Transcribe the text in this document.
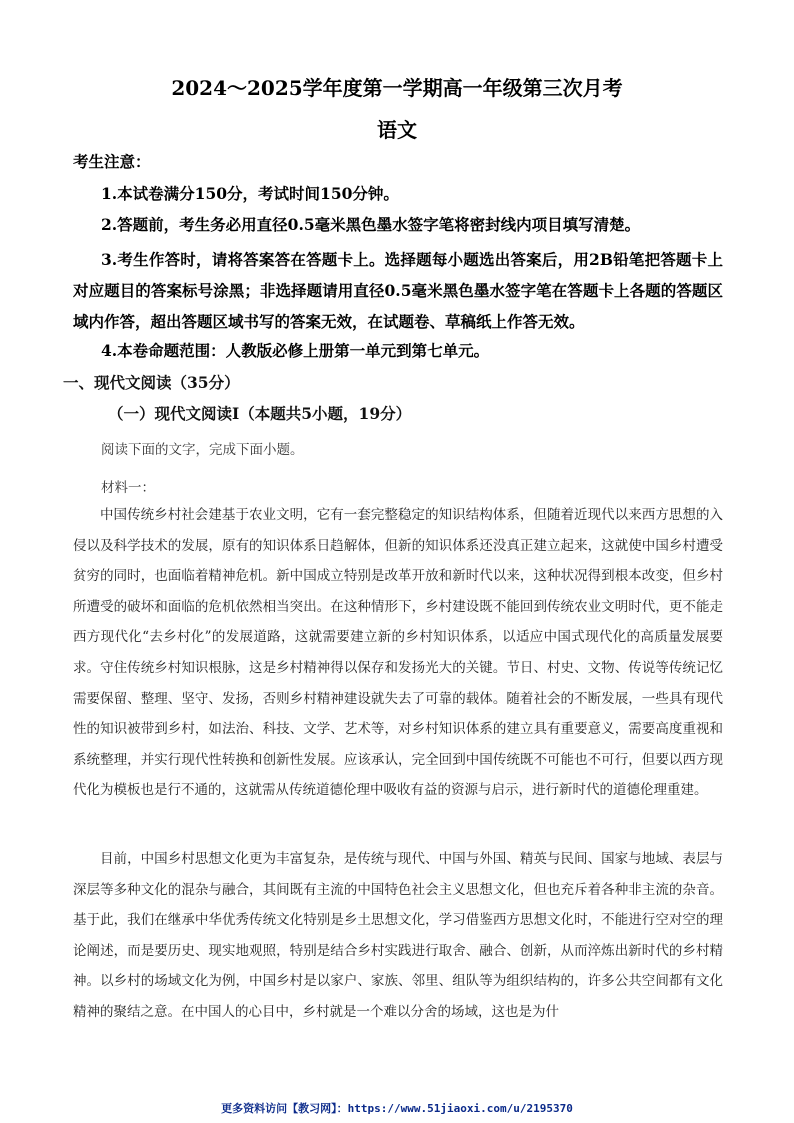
2024～2025学年度第一学期高一年级第三次月考
语文
考生注意：
1.本试卷满分150分，考试时间150分钟。
2.答题前，考生务必用直径0.5毫米黑色墨水签字笔将密封线内项目填写清楚。
3.考生作答时，请将答案答在答题卡上。选择题每小题选出答案后，用2B铅笔把答题卡上对应题目的答案标号涂黑；非选择题请用直径0.5毫米黑色墨水签字笔在答题卡上各题的答题区域内作答，超出答题区域书写的答案无效，在试题卷、草稿纸上作答无效。
4.本卷命题范围：人教版必修上册第一单元到第七单元。
一、现代文阅读（35分）
（一）现代文阅读Ⅰ（本题共5小题，19分）
阅读下面的文字，完成下面小题。
材料一：
中国传统乡村社会建基于农业文明，它有一套完整稳定的知识结构体系，但随着近现代以来西方思想的入侵以及科学技术的发展，原有的知识体系日趋解体，但新的知识体系还没真正建立起来，这就使中国乡村遭受贫穷的同时，也面临着精神危机。新中国成立特别是改革开放和新时代以来，这种状况得到根本改变，但乡村所遭受的破坏和面临的危机依然相当突出。在这种情形下，乡村建设既不能回到传统农业文明时代，更不能走西方现代化“去乡村化”的发展道路，这就需要建立新的乡村知识体系，以适应中国式现代化的高质量发展要求。守住传统乡村知识根脉，这是乡村精神得以保存和发扬光大的关键。节日、村史、文物、传说等传统记忆需要保留、整理、坚守、发扬，否则乡村精神建设就失去了可靠的载体。随着社会的不断发展，一些具有现代性的知识被带到乡村，如法治、科技、文学、艺术等，对乡村知识体系的建立具有重要意义，需要高度重视和系统整理，并实行现代性转换和创新性发展。应该承认，完全回到中国传统既不可能也不可行，但要以西方现代化为模板也是行不通的，这就需从传统道德伦理中吸收有益的资源与启示，进行新时代的道德伦理重建。
目前，中国乡村思想文化更为丰富复杂，是传统与现代、中国与外国、精英与民间、国家与地域、表层与深层等多种文化的混杂与融合，其间既有主流的中国特色社会主义思想文化，但也充斥着各种非主流的杂音。基于此，我们在继承中华优秀传统文化特别是乡土思想文化，学习借鉴西方思想文化时，不能进行空对空的理论阐述，而是要历史、现实地观照，特别是结合乡村实践进行取舍、融合、创新，从而淬炼出新时代的乡村精神。以乡村的场域文化为例，中国乡村是以家户、家族、邻里、组队等为组织结构的，许多公共空间都有文化精神的聚结之意。在中国人的心目中，乡村就是一个难以分舍的场域，这也是为什
更多资料访问【教习网】：https://www.51jiaoxi.com/u/2195370
